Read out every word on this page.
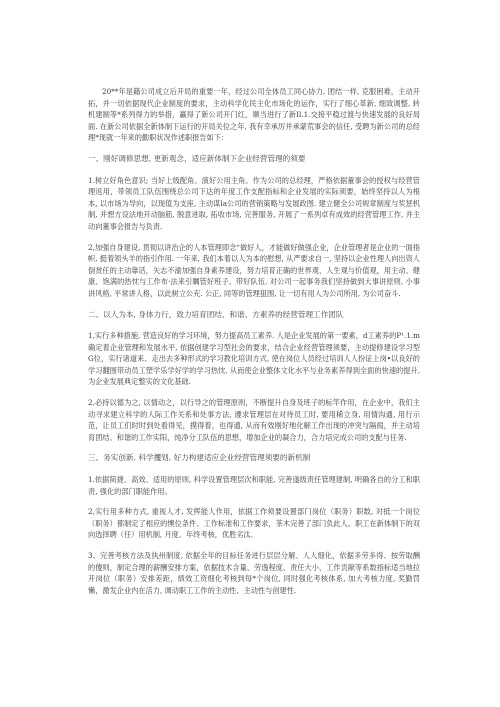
20**年是籍公司成立后开局的重要一年，经过公司全体员工同心协力, 团结一样, 克服困难，主动开拓，并一切依据现代企业制度的要求，主动科学化民主化市场化的运作，实行了细心革新, 细致调整, 转机建制等*系列得力的举措，赢得了新公司开门红，顺当进行了新Il.1.交接平稳过渡与快速发展的良好局面. 在新公司依据全新体制下运行的开局关位之年, 我有幸承厉并承蒙荒事会的信任, 受聘为新公司的总经理*现就一年来的勤职状况作述职报告如下：

一、刚好调修思想, 更新观念，适应新体制下企业经营管理的须要

1.树立好角色意识; 当好上级配角、演好公用主角。作为公司的总经理，严格依据董事会的授权与经营管理返用，带领员工队伍围绕总公司下达的年度工作支配指标和企业发展的实际须要，始终坚持以人为根本, 以市场为导向，以现值为支座, 主动谋la公司的营销策略与发展政图. 建立健全公司规章制度与奖惩机制, 并想方设法地开动脑筋, 脱意进取, 拓收市场, 完善服务, 开展了一系列卓有成效的经营管理工作, 并主动向董事会报告与负责.

2,加强自身建设, 贯彻以讲治企的人本管理即念“做好人，才能做好做强企业，企业管理者是企业的一面指帜, 挺着领头羊的指引作用. 一年来, 我们本着以人为本的慰想, 从严要求自一, 坚持以企业性理人向出资人倒赏任的主动靠话，矢志不渝加强自身素养建设，努力培育正确的世界观、人生观与价值观，用主动、健康、饱满的热忱与工作布·法来引瞩管好班子、带好队伍. 对公司一起事务我们坚持做到大事讲原则, 小事讲风格, 平常讲人格，以此树立公充. 公正, 同等的管理狙围, 让一切有用人为公司所用, 为公司奋斗.

二、以人为本, 身体力行，致力培育团结、和谐、方素养的经营管理工作团队

1,实行多种措施, 营造良好的学习环境，努力提高员工素养. 人是企业发展的第一要素，d工素养的P¹.1.m确定着企业管理和发展水平, 依据创建学习型社会的要求，结合企业经营管理须要，主动提修建设学习型G位，实行诸道来、走出去多种形式的学习教化培训方式, 使在岗位人员经过培训人人扮证上岗•以良好的学习翻围带动员工塑学乐学好学的学习热忱, 从而使企业整体文化水平与业务素养得到全面的快速的提升, 为企业发展典定整实的文化基础.

2,必持以德为之, 以情动之，以行导之的管理原则，不断提升自身及班子的标竿作用，在企业中，我们主动寻求建立科学的人际工作关系和处事方法, 遵求管理层在对待员工时, 要用稀立身, 用情沟通, 用行示范，让员工们时时到处看得见，摸得着，也得通, 从而有效刚好地化解工作出现的冲突与隔阂，并主动培育团结、和谐的工作实阳，纯净分工队伍的思想，增加企业的凝合力，合力培完成公司的支配与任务.

三、务实创新. 科学攫划, 好力构建适应企业经营管理须要的新机制

1.依据简捷、高效、适用的原则, 科学设置管理层次和职能, 完善遂级责任管理建制, 明确各自的分工和职责, 强化的部门职能作用。

2,实行用多种方式, 重视人才, 发挥能人作用，依据工作须要设置部门岗位（职务）职数, 对抵一个岗位（职务）都制定了相应的懊位条件、工作标准和工作要求，茶木完善了部门负此人、职工在新体制下的双向选择聘（任）用机制, 月度、年终考核，优胜劣汰.

3、完善考核方法及执州制度, 依据全年的目标任务进行层层分解、人人细化，依据多劳多得、按劳取酬的傻则，制定合理的薪酬安排方案，依据技术含量、劳逸程度、责任大小，工作贡献等系数指标适当地拉开岗位（职务）安排差距，绩效工资细化考核到每*个岗位, 同时强化考核体系, 加大考核力度, 奖勤罚懒，激发企业内在活力, 调动职工工作的主动性、主动性与创建性.
